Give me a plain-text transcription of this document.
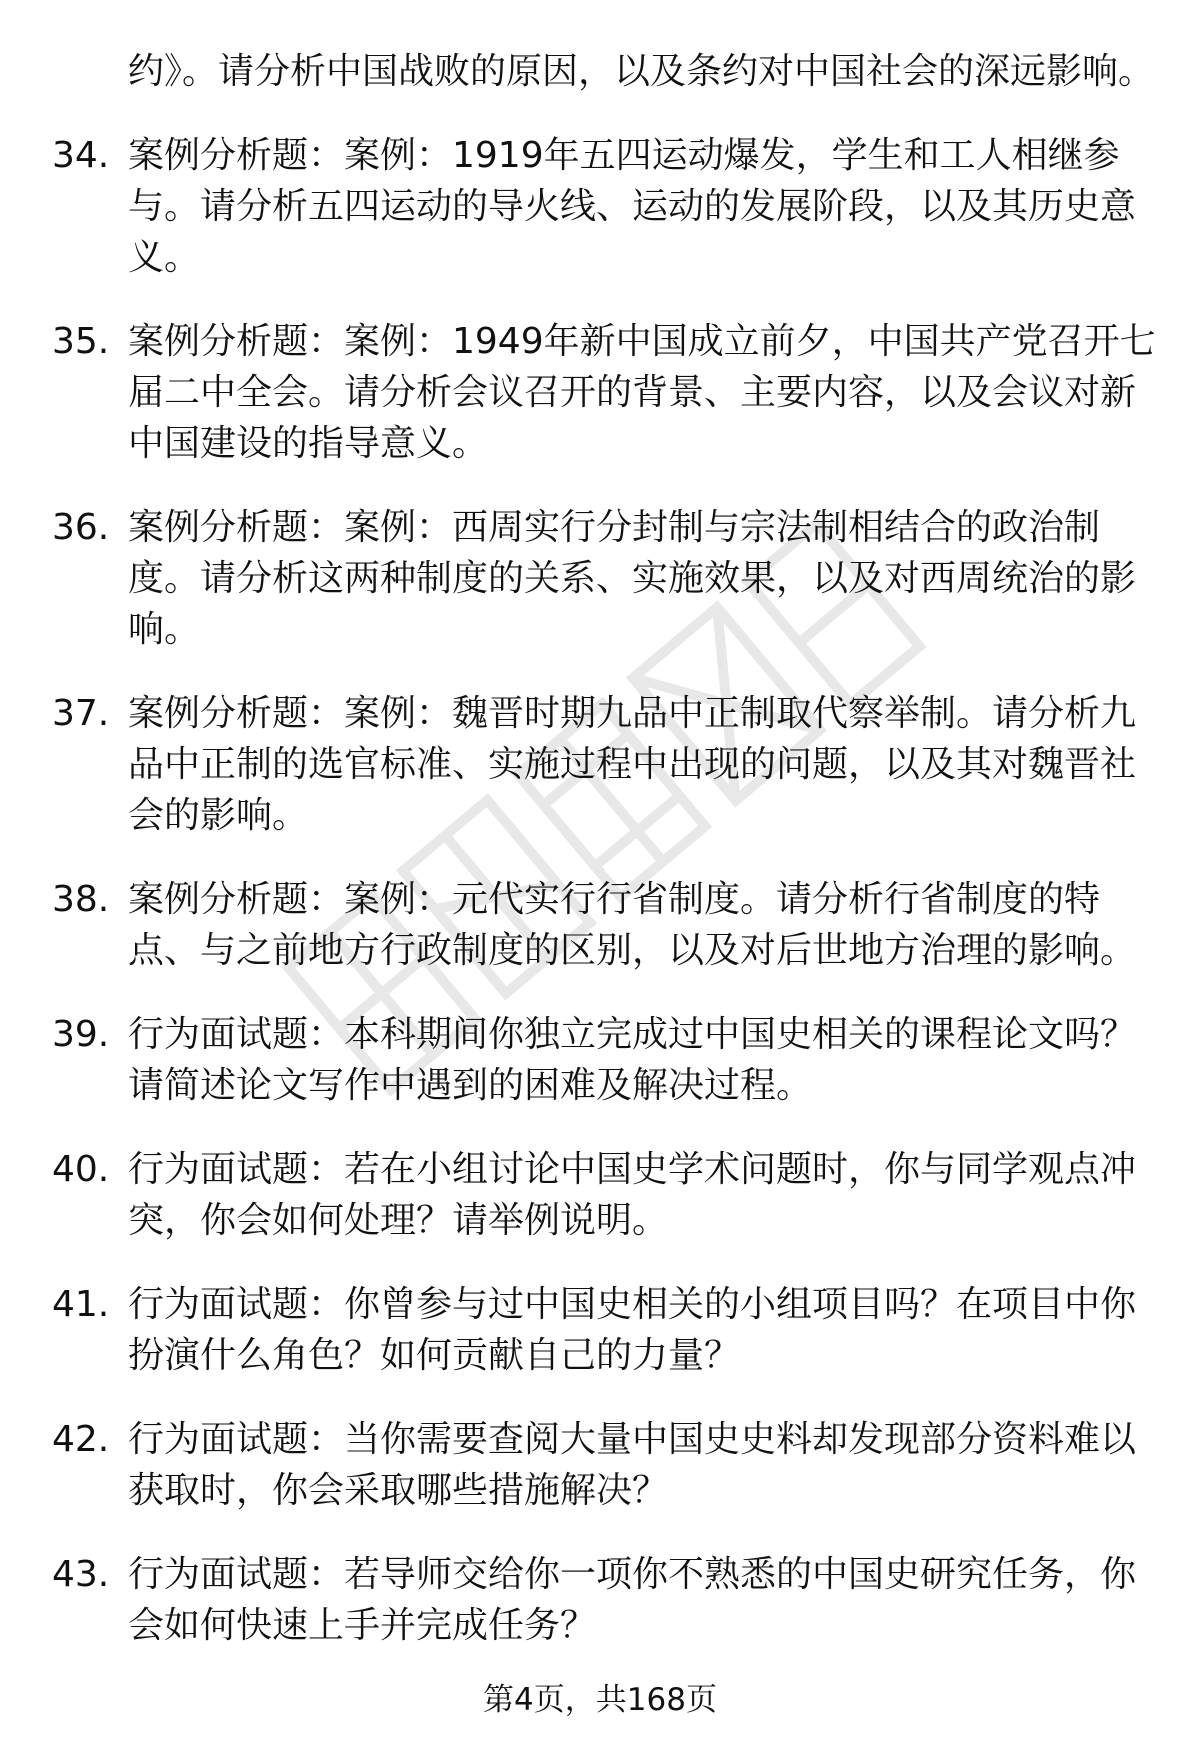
约》。请分析中国战败的原因，以及条约对中国社会的深远影响。
34. 案例分析题：案例：1919年五四运动爆发，学生和工人相继参与。请分析五四运动的导火线、运动的发展阶段，以及其历史意义。
35. 案例分析题：案例：1949年新中国成立前夕，中国共产党召开七届二中全会。请分析会议召开的背景、主要内容，以及会议对新中国建设的指导意义。
36. 案例分析题：案例：西周实行分封制与宗法制相结合的政治制度。请分析这两种制度的关系、实施效果，以及对西周统治的影响。
37. 案例分析题：案例：魏晋时期九品中正制取代察举制。请分析九品中正制的选官标准、实施过程中出现的问题，以及其对魏晋社会的影响。
38. 案例分析题：案例：元代实行行省制度。请分析行省制度的特点、与之前地方行政制度的区别，以及对后世地方治理的影响。
39. 行为面试题：本科期间你独立完成过中国史相关的课程论文吗？请简述论文写作中遇到的困难及解决过程。
40. 行为面试题：若在小组讨论中国史学术问题时，你与同学观点冲突，你会如何处理？请举例说明。
41. 行为面试题：你曾参与过中国史相关的小组项目吗？在项目中你扮演什么角色？如何贡献自己的力量？
42. 行为面试题：当你需要查阅大量中国史史料却发现部分资料难以获取时，你会采取哪些措施解决？
43. 行为面试题：若导师交给你一项你不熟悉的中国史研究任务，你会如何快速上手并完成任务？
第4页，共168页
